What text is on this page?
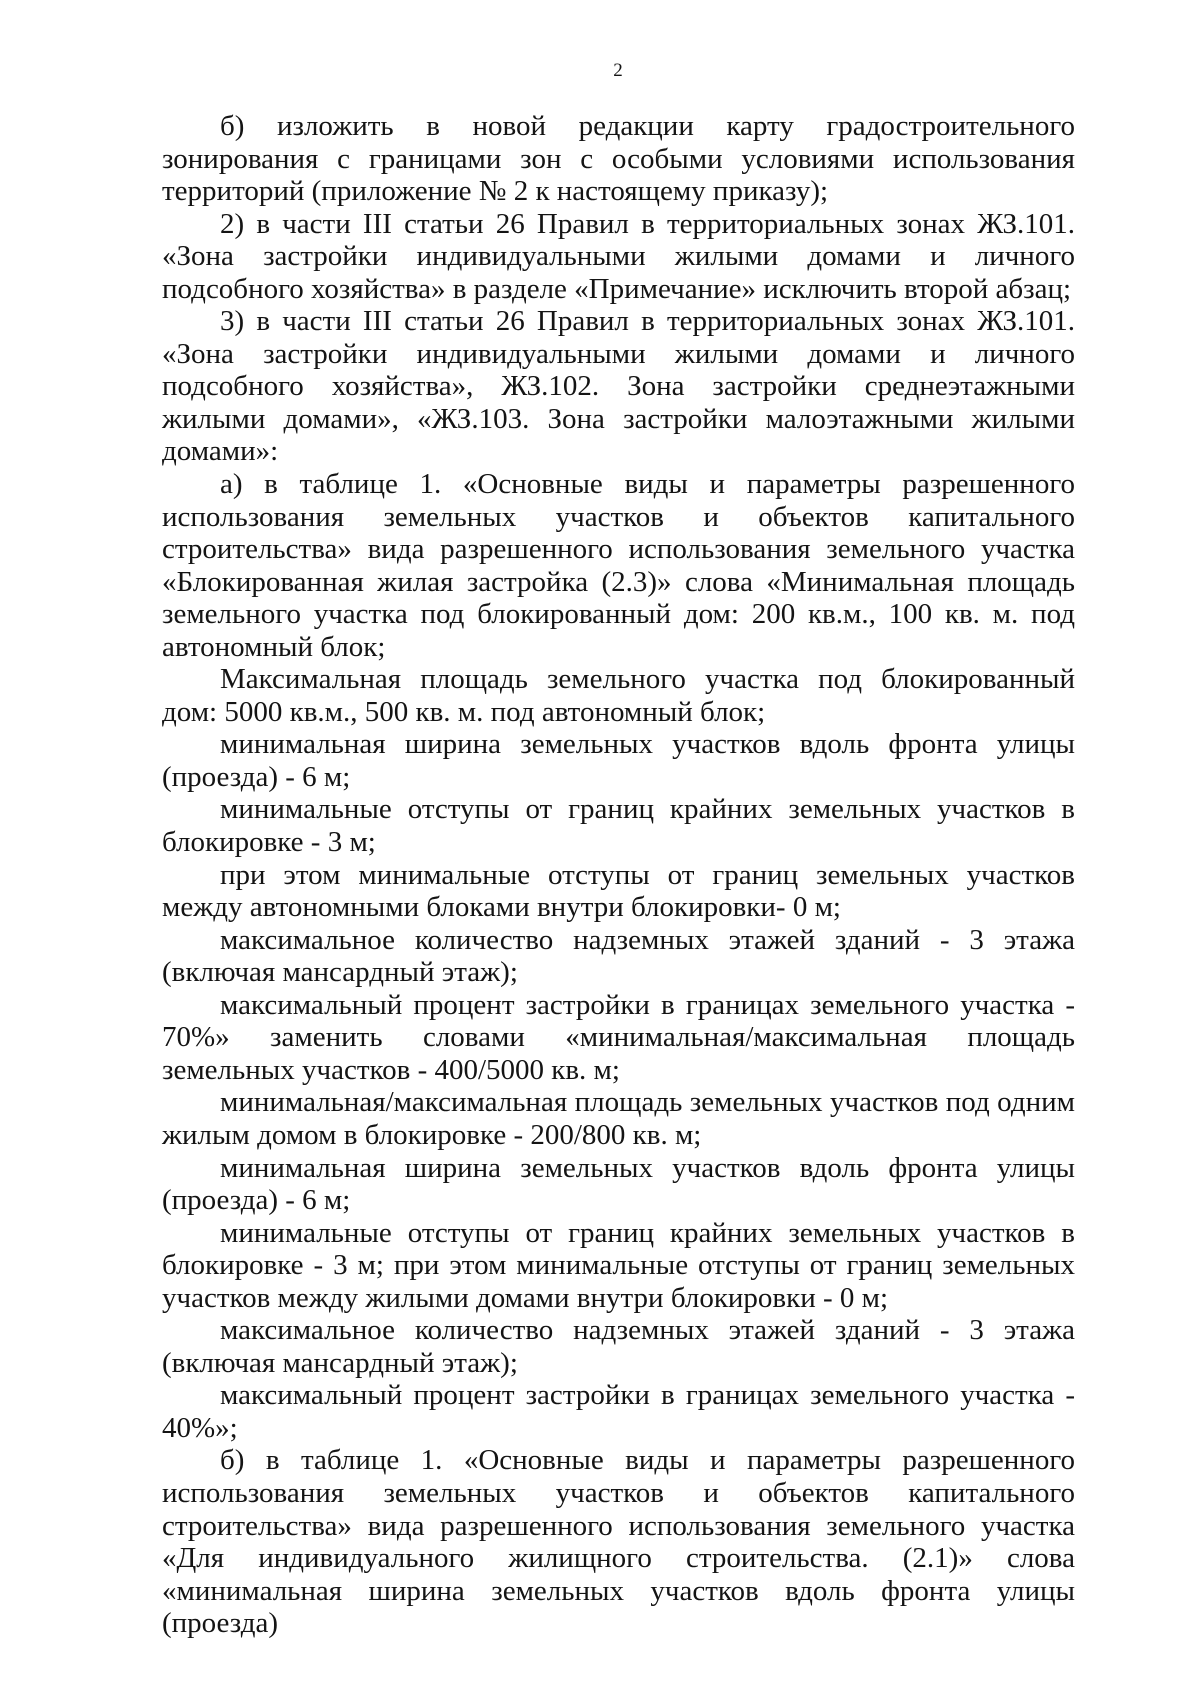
2

б) изложить в новой редакции карту градостроительного зонирования с границами зон с особыми условиями использования территорий (приложение № 2 к настоящему приказу);

2) в части III статьи 26 Правил в территориальных зонах ЖЗ.101. «Зона застройки индивидуальными жилыми домами и личного подсобного хозяйства» в разделе «Примечание» исключить второй абзац;

3) в части III статьи 26 Правил в территориальных зонах ЖЗ.101. «Зона застройки индивидуальными жилыми домами и личного подсобного хозяйства», ЖЗ.102. Зона застройки среднеэтажными жилыми домами», «ЖЗ.103. Зона застройки малоэтажными жилыми домами»:

а) в таблице 1. «Основные виды и параметры разрешенного использования земельных участков и объектов капитального строительства» вида разрешенного использования земельного участка «Блокированная жилая застройка (2.3)» слова «Минимальная площадь земельного участка под блокированный дом: 200 кв.м., 100 кв. м. под автономный блок;

Максимальная площадь земельного участка под блокированный дом: 5000 кв.м., 500 кв. м. под автономный блок;

минимальная ширина земельных участков вдоль фронта улицы (проезда) - 6 м;

минимальные отступы от границ крайних земельных участков в блокировке - 3 м;

при этом минимальные отступы от границ земельных участков между автономными блоками внутри блокировки- 0 м;

максимальное количество надземных этажей зданий - 3 этажа (включая мансардный этаж);

максимальный процент застройки в границах земельного участка - 70%» заменить словами «минимальная/максимальная площадь земельных участков - 400/5000 кв. м;

минимальная/максимальная площадь земельных участков под одним жилым домом в блокировке - 200/800 кв. м;

минимальная ширина земельных участков вдоль фронта улицы (проезда) - 6 м;

минимальные отступы от границ крайних земельных участков в блокировке - 3 м; при этом минимальные отступы от границ земельных участков между жилыми домами внутри блокировки - 0 м;

максимальное количество надземных этажей зданий - 3 этажа (включая мансардный этаж);

максимальный процент застройки в границах земельного участка - 40%»;

б) в таблице 1. «Основные виды и параметры разрешенного использования земельных участков и объектов капитального строительства» вида разрешенного использования земельного участка «Для индивидуального жилищного строительства. (2.1)» слова «минимальная ширина земельных участков вдоль фронта улицы (проезда)
